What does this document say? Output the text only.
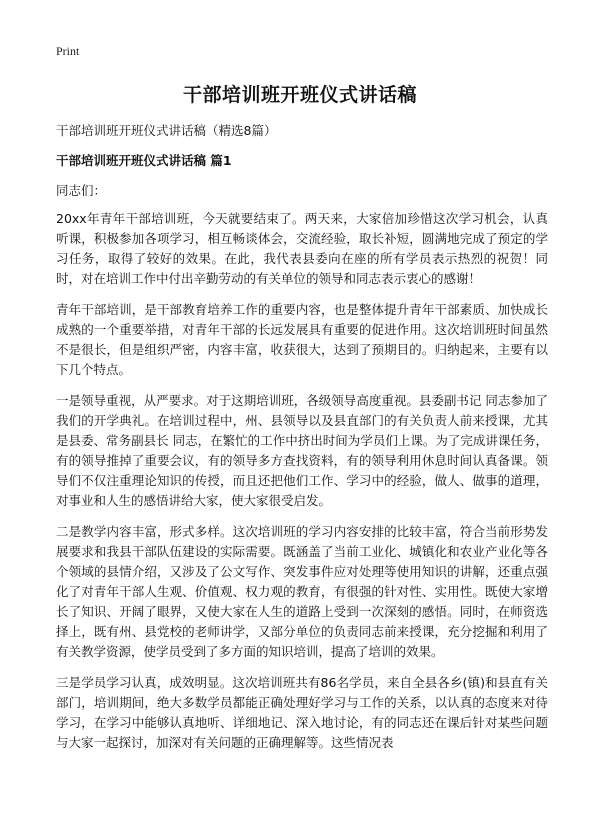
Print
干部培训班开班仪式讲话稿
干部培训班开班仪式讲话稿（精选8篇）
干部培训班开班仪式讲话稿 篇1
同志们：

20xx年青年干部培训班，今天就要结束了。两天来，大家倍加珍惜这次学习机会，认真听课，积极参加各项学习，相互畅谈体会，交流经验，取长补短，圆满地完成了预定的学习任务，取得了较好的效果。在此，我代表县委向在座的所有学员表示热烈的祝贺！同时，对在培训工作中付出辛勤劳动的有关单位的领导和同志表示衷心的感谢！

青年干部培训，是干部教育培养工作的重要内容，也是整体提升青年干部素质、加快成长成熟的一个重要举措，对青年干部的长远发展具有重要的促进作用。这次培训班时间虽然不是很长，但是组织严密，内容丰富，收获很大，达到了预期目的。归纳起来，主要有以下几个特点。

一是领导重视，从严要求。对于这期培训班，各级领导高度重视。县委副书记 同志参加了我们的开学典礼。在培训过程中，州、县领导以及县直部门的有关负责人前来授课，尤其是县委、常务副县长 同志，在繁忙的工作中挤出时间为学员们上课。为了完成讲课任务，有的领导推掉了重要会议，有的领导多方查找资料，有的领导利用休息时间认真备课。领导们不仅注重理论知识的传授，而且还把他们工作、学习中的经验，做人、做事的道理，对事业和人生的感悟讲给大家，使大家很受启发。

二是教学内容丰富，形式多样。这次培训班的学习内容安排的比较丰富，符合当前形势发展要求和我县干部队伍建设的实际需要。既涵盖了当前工业化、城镇化和农业产业化等各个领域的县情介绍，又涉及了公文写作、突发事件应对处理等使用知识的讲解，还重点强化了对青年干部人生观、价值观、权力观的教育，有很强的针对性、实用性。既使大家增长了知识、开阔了眼界，又使大家在人生的道路上受到一次深刻的感悟。同时，在师资选择上，既有州、县党校的老师讲学，又部分单位的负责同志前来授课，充分挖掘和利用了有关教学资源，使学员受到了多方面的知识培训，提高了培训的效果。

三是学员学习认真，成效明显。这次培训班共有86名学员，来自全县各乡(镇)和县直有关部门，培训期间，绝大多数学员都能正确处理好学习与工作的关系，以认真的态度来对待学习，在学习中能够认真地听、详细地记、深入地讨论，有的同志还在课后针对某些问题与大家一起探讨，加深对有关问题的正确理解等。这些情况表
